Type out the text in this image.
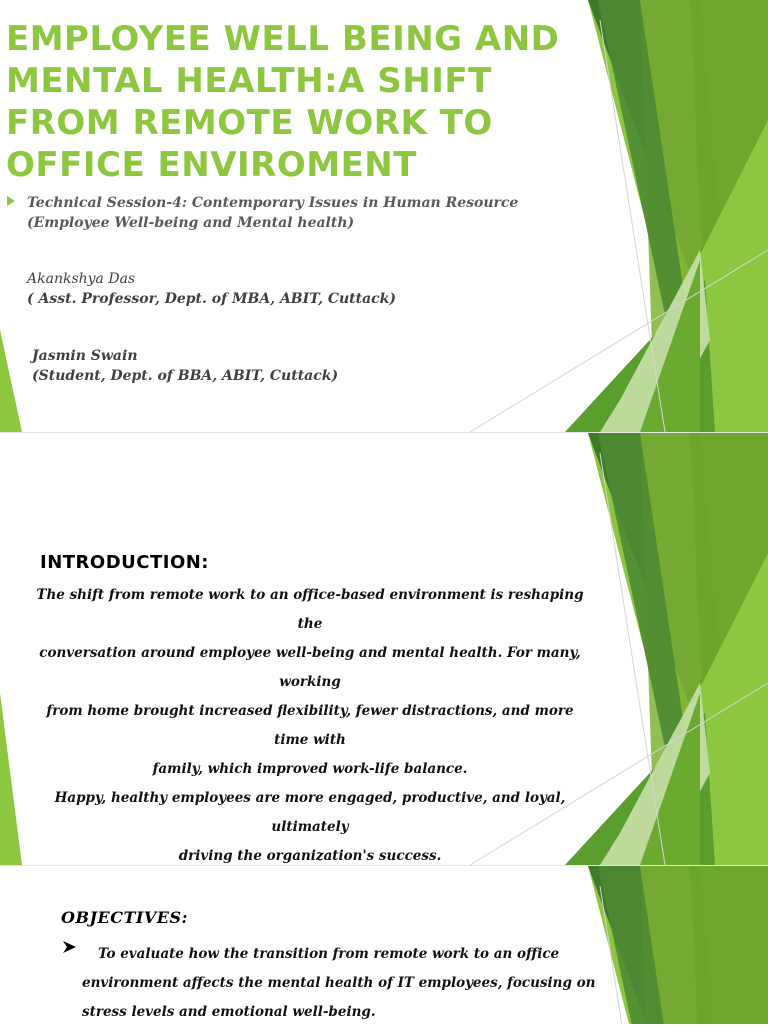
EMPLOYEE WELL BEING AND MENTAL HEALTH:A SHIFT FROM REMOTE WORK TO OFFICE ENVIROMENT
Technical Session-4: Contemporary Issues in Human Resource (Employee Well-being and Mental health)
Akankshya Das
( Asst. Professor, Dept. of MBA, ABIT, Cuttack)
Jasmin Swain
(Student, Dept. of BBA, ABIT, Cuttack)
INTRODUCTION:
The shift from remote work to an office-based environment is reshaping the
conversation around employee well-being and mental health. For many, working
from home brought increased flexibility, fewer distractions, and more time with
family, which improved work-life balance.
Happy, healthy employees are more engaged, productive, and loyal, ultimately
driving the organization's success.
OBJECTIVES:
To evaluate how the transition from remote work to an office environment affects the mental health of IT employees, focusing on stress levels and emotional well-being.
